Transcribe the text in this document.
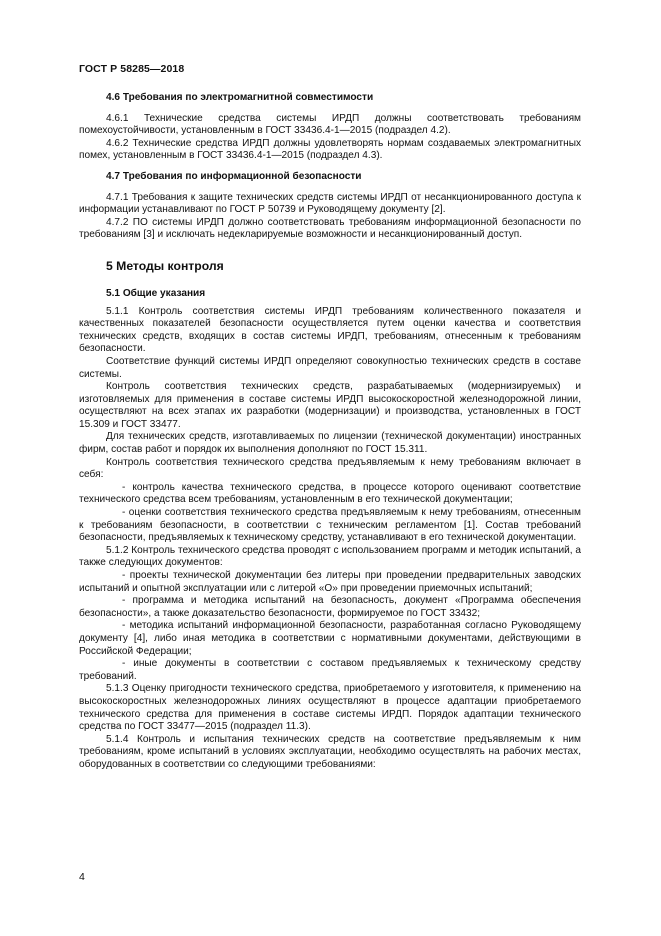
ГОСТ Р 58285—2018
4.6 Требования по электромагнитной совместимости

4.6.1 Технические средства системы ИРДП должны соответствовать требованиям помехоустойчивости, установленным в ГОСТ 33436.4-1—2015 (подраздел 4.2).

4.6.2 Технические средства ИРДП должны удовлетворять нормам создаваемых электромагнитных помех, установленным в ГОСТ 33436.4-1—2015 (подраздел 4.3).

4.7 Требования по информационной безопасности

4.7.1 Требования к защите технических средств системы ИРДП от несанкционированного доступа к информации устанавливают по ГОСТ Р 50739 и Руководящему документу [2].

4.7.2 ПО системы ИРДП должно соответствовать требованиям информационной безопасности по требованиям [3] и исключать недекларируемые возможности и несанкционированный доступ.

5 Методы контроля
5.1 Общие указания

5.1.1 Контроль соответствия системы ИРДП требованиям количественного показателя и качественных показателей безопасности осуществляется путем оценки качества и соответствия технических средств, входящих в состав системы ИРДП, требованиям, отнесенным к требованиям безопасности.

Соответствие функций системы ИРДП определяют совокупностью технических средств в составе системы.

Контроль соответствия технических средств, разрабатываемых (модернизируемых) и изготовляемых для применения в составе системы ИРДП высокоскоростной железнодорожной линии, осуществляют на всех этапах их разработки (модернизации) и производства, установленных в ГОСТ 15.309 и ГОСТ 33477.

Для технических средств, изготавливаемых по лицензии (технической документации) иностранных фирм, состав работ и порядок их выполнения дополняют по ГОСТ 15.311.

Контроль соответствия технического средства предъявляемым к нему требованиям включает в себя:

- контроль качества технического средства, в процессе которого оценивают соответствие технического средства всем требованиям, установленным в его технической документации;

- оценки соответствия технического средства предъявляемым к нему требованиям, отнесенным к требованиям безопасности, в соответствии с техническим регламентом [1]. Состав требований безопасности, предъявляемых к техническому средству, устанавливают в его технической документации.

5.1.2 Контроль технического средства проводят с использованием программ и методик испытаний, а также следующих документов:

- проекты технической документации без литеры при проведении предварительных заводских испытаний и опытной эксплуатации или с литерой «О» при проведении приемочных испытаний;

- программа и методика испытаний на безопасность, документ «Программа обеспечения безопасности», а также доказательство безопасности, формируемое по ГОСТ 33432;

- методика испытаний информационной безопасности, разработанная согласно Руководящему документу [4], либо иная методика в соответствии с нормативными документами, действующими в Российской Федерации;

- иные документы в соответствии с составом предъявляемых к техническому средству требований.

5.1.3 Оценку пригодности технического средства, приобретаемого у изготовителя, к применению на высокоскоростных железнодорожных линиях осуществляют в процессе адаптации приобретаемого технического средства для применения в составе системы ИРДП. Порядок адаптации технического средства по ГОСТ 33477—2015 (подраздел 11.3).

5.1.4 Контроль и испытания технических средств на соответствие предъявляемым к ним требованиям, кроме испытаний в условиях эксплуатации, необходимо осуществлять на рабочих местах, оборудованных в соответствии со следующими требованиями:

4
